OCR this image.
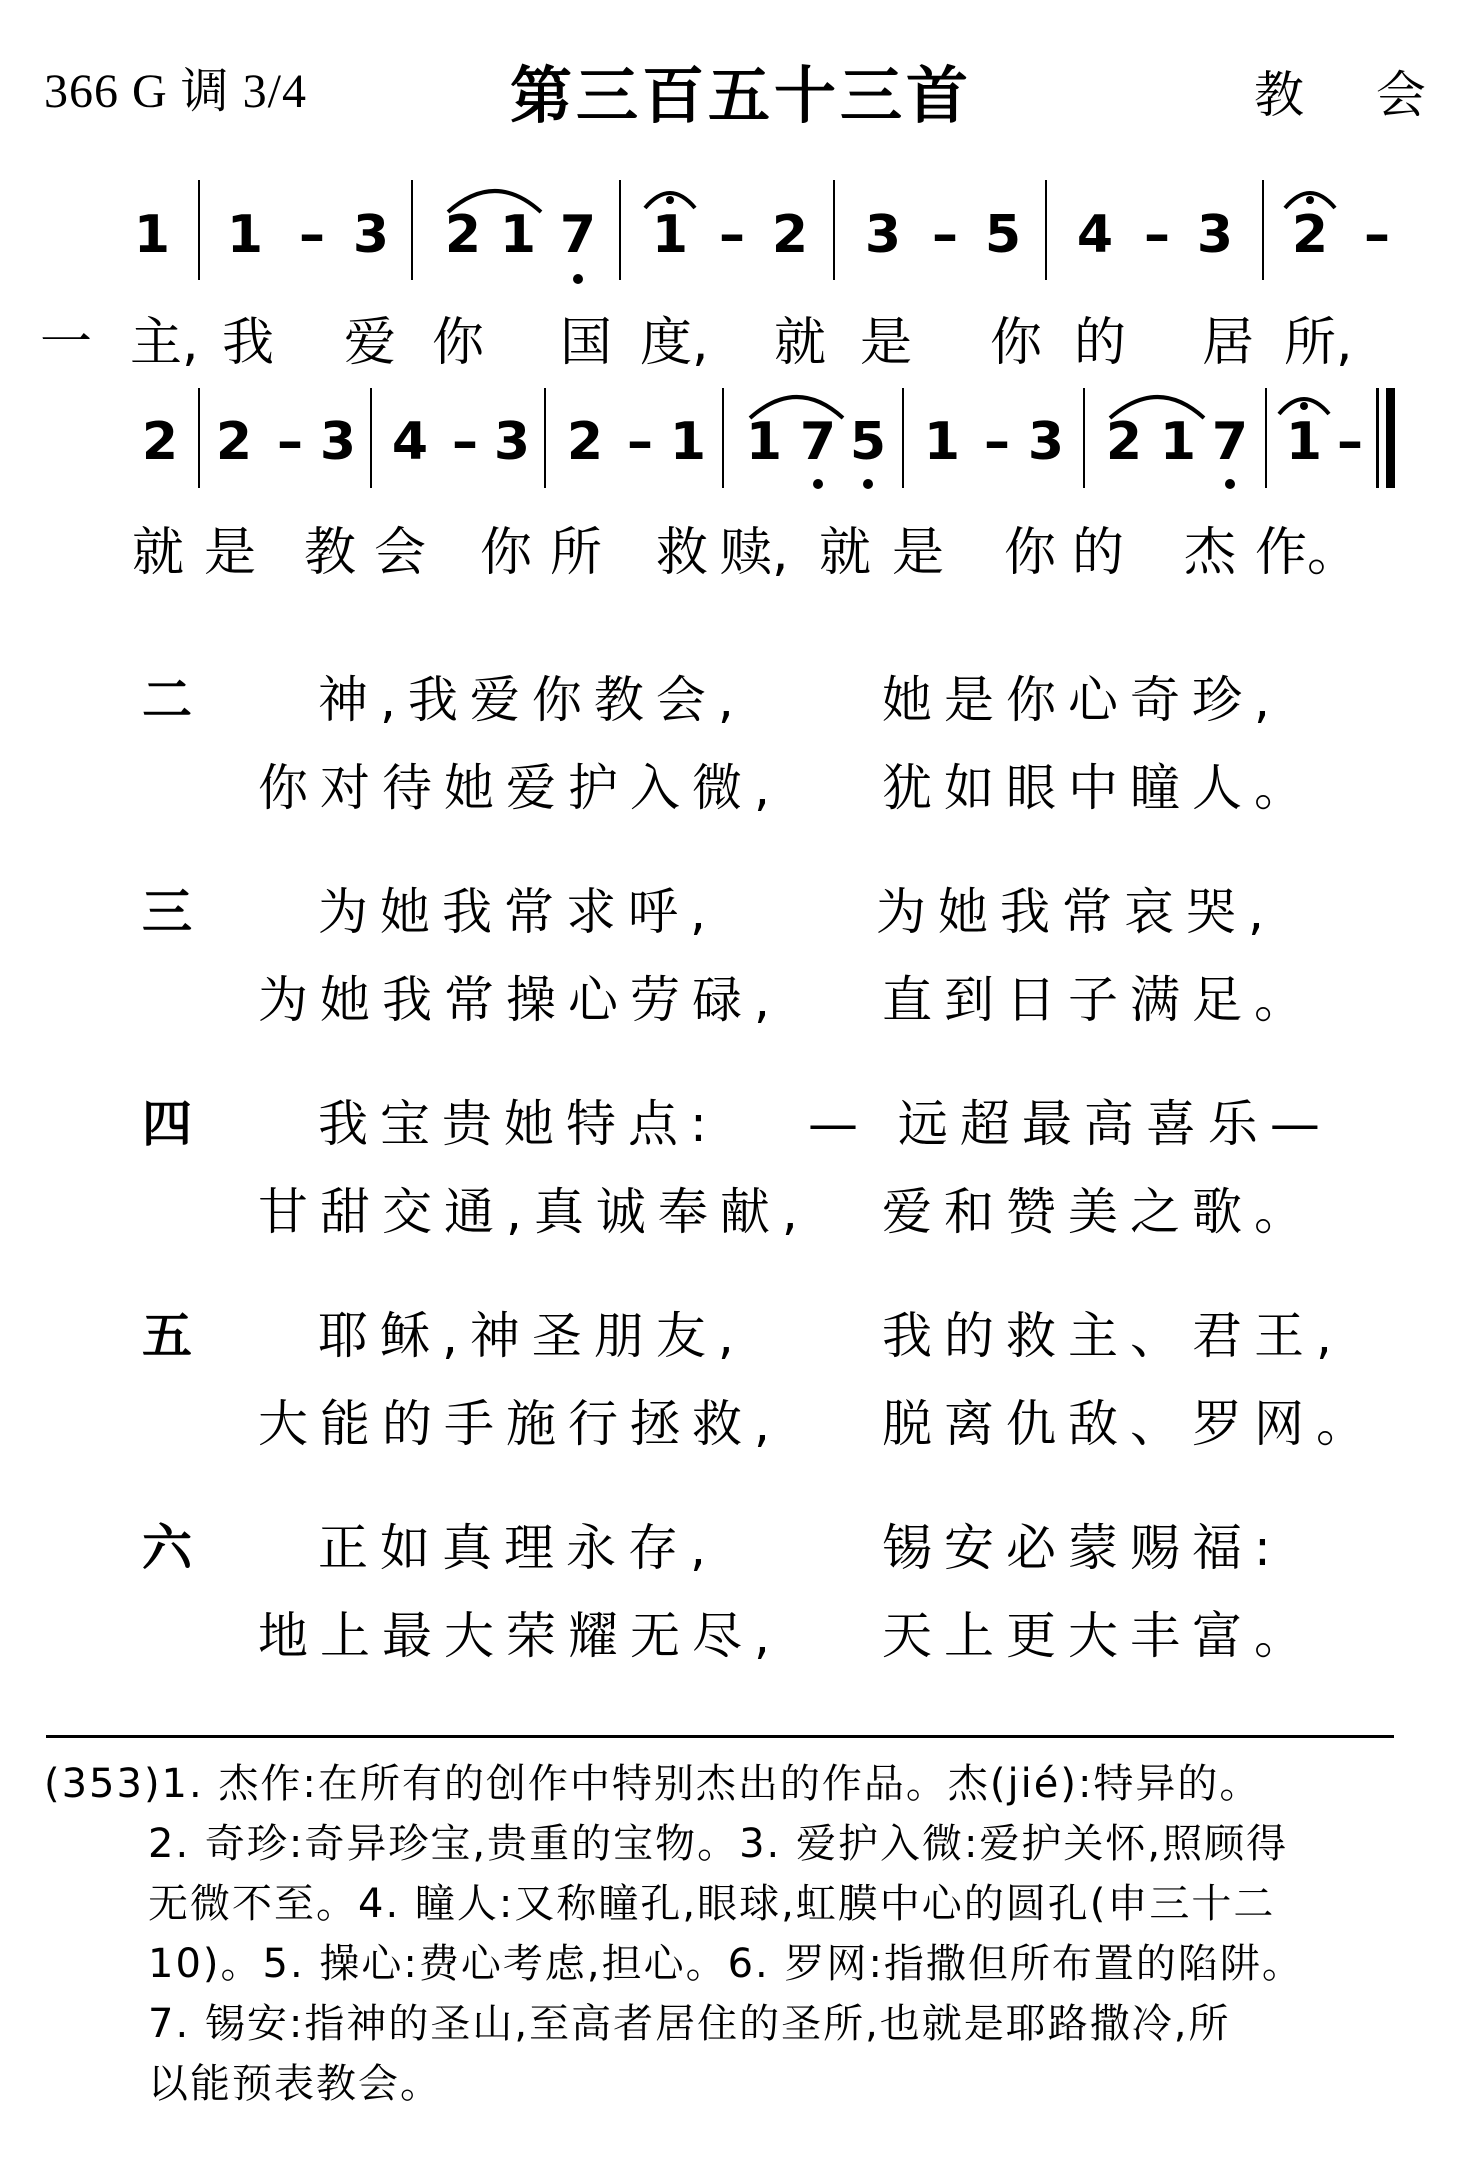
366 G 调 3/4	第三百五十三首	教 会
1 1 – 3 2 1 7 1 – 2 3 – 5 4 – 3 2 –
一 主, 我 爱 你 国 度, 就 是 你 的 居 所,
2 2 – 3 4 – 3 2 – 1 1 7 5 1 – 3 2 1 7 1 –
就 是 教 会 你 所 救 赎, 就 是 你 的 杰 作。
二	神,我爱你教会,	她是你心奇珍,
你对待她爱护入微, 犹如眼中瞳人。
三	为她我常求呼,	为她我常哀哭,
为她我常操心劳碌, 直到日子满足。
四	我宝贵她特点: — 远超最高喜乐—
甘甜交通,真诚奉献, 爱和赞美之歌。
五	耶稣,神圣朋友,	我的救主、君王,
大能的手施行拯救, 脱离仇敌、罗网。
六	正如真理永存,	锡安必蒙赐福:
地上最大荣耀无尽, 天上更大丰富。
(353)1. 杰作:在所有的创作中特别杰出的作品。杰(jié):特异的。
2. 奇珍:奇异珍宝,贵重的宝物。3. 爱护入微:爱护关怀,照顾得
无微不至。4. 瞳人:又称瞳孔,眼球,虹膜中心的圆孔(申三十二
10)。5. 操心:费心考虑,担心。6. 罗网:指撒但所布置的陷阱。
7. 锡安:指神的圣山,至高者居住的圣所,也就是耶路撒冷,所
以能预表教会。
